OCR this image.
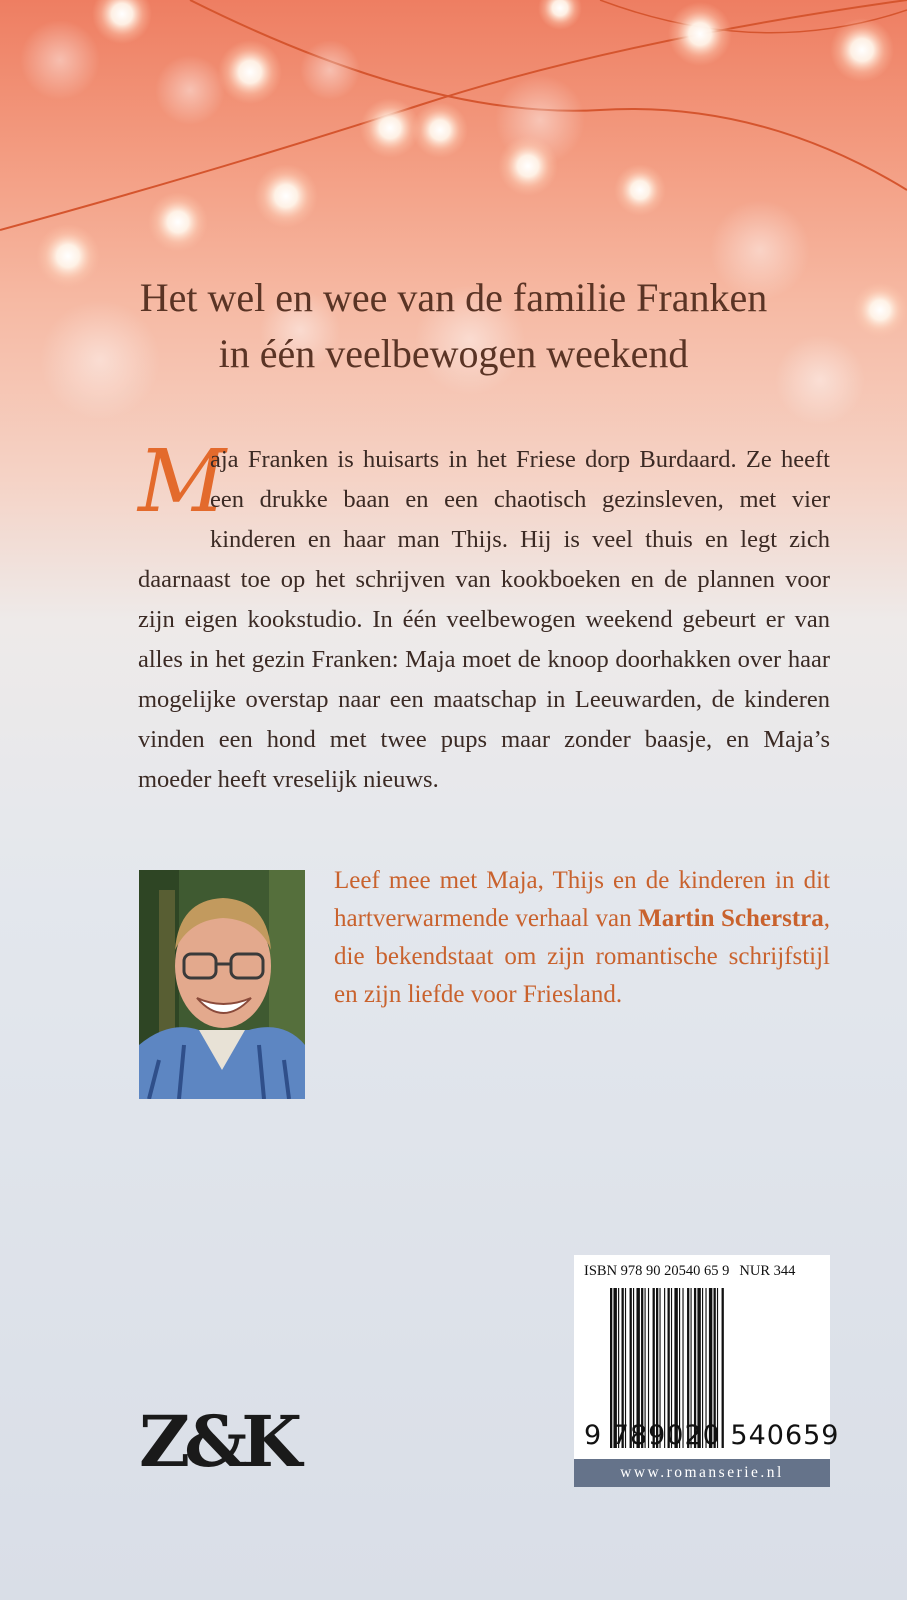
Het wel en wee van de familie Franken
in één veelbewogen weekend
M
aja Franken is huisarts in het Friese dorp Burdaard. Ze heeft een drukke baan en een chaotisch gezinsleven, met vier kinderen en haar man Thijs. Hij is veel thuis en legt zich daarnaast toe op het schrijven van kookboeken en de plannen voor zijn eigen kookstudio. In één veelbewogen weekend gebeurt er van alles in het gezin Franken: Maja moet de knoop doorhakken over haar mogelijke overstap naar een maatschap in Leeuwarden, de kinderen vinden een hond met twee pups maar zonder baasje, en Maja’s moeder heeft vreselijk nieuws.
Leef mee met Maja, Thijs en de kinderen in dit hartverwarmende verhaal van Martin Scherstra, die bekendstaat om zijn romantische schrijfstijl en zijn liefde voor Friesland.
Z&K
ISBN 978 90 20540 65 9 NUR 344
9 789020 540659
www.romanserie.nl
